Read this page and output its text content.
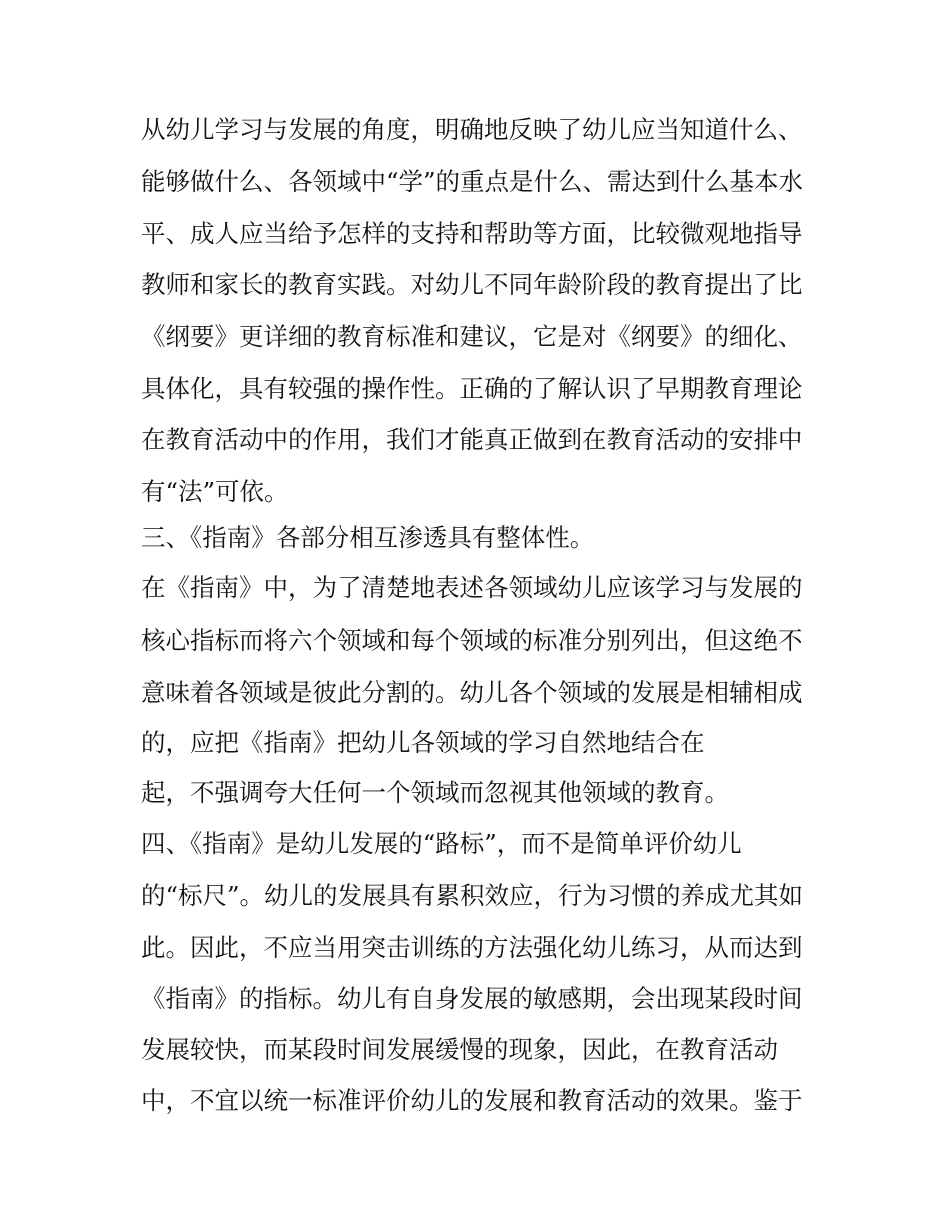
从幼儿学习与发展的角度，明确地反映了幼儿应当知道什么、
能够做什么、各领域中“学”的重点是什么、需达到什么基本水
平、成人应当给予怎样的支持和帮助等方面，比较微观地指导
教师和家长的教育实践。对幼儿不同年龄阶段的教育提出了比
《纲要》更详细的教育标准和建议，它是对《纲要》的细化、
具体化，具有较强的操作性。正确的了解认识了早期教育理论
在教育活动中的作用，我们才能真正做到在教育活动的安排中
有“法”可依。
三、《指南》各部分相互渗透具有整体性。
在《指南》中，为了清楚地表述各领域幼儿应该学习与发展的
核心指标而将六个领域和每个领域的标准分别列出，但这绝不
意味着各领域是彼此分割的。幼儿各个领域的发展是相辅相成
的，应把《指南》把幼儿各领域的学习自然地结合在
起，不强调夸大任何一个领域而忽视其他领域的教育。
四、《指南》是幼儿发展的“路标”，而不是简单评价幼儿
的“标尺”。幼儿的发展具有累积效应，行为习惯的养成尤其如
此。因此，不应当用突击训练的方法强化幼儿练习，从而达到
《指南》的指标。幼儿有自身发展的敏感期，会出现某段时间
发展较快，而某段时间发展缓慢的现象，因此，在教育活动
中，不宜以统一标准评价幼儿的发展和教育活动的效果。鉴于
